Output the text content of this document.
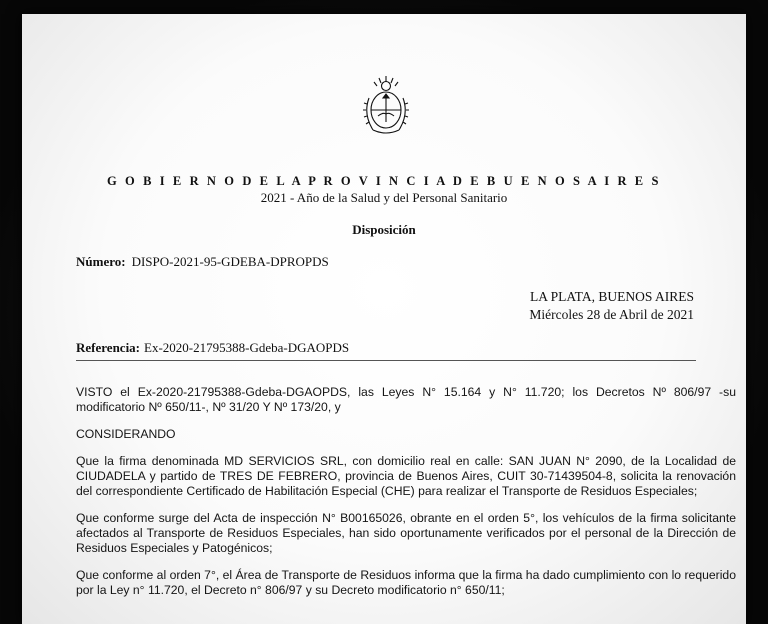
G O B I E R N O D E L A P R O V I N C I A D E B U E N O S A I R E S
2021 - Año de la Salud y del Personal Sanitario
Disposición
Número: DISPO-2021-95-GDEBA-DPROPDS
LA PLATA, BUENOS AIRES
Miércoles 28 de Abril de 2021
Referencia: Ex-2020-21795388-Gdeba-DGAOPDS

VISTO el Ex-2020-21795388-Gdeba-DGAOPDS, las Leyes N° 15.164 y N° 11.720; los Decretos Nº 806/97 -su modificatorio Nº 650/11-, Nº 31/20 Y Nº 173/20, y

CONSIDERANDO

Que la firma denominada MD SERVICIOS SRL, con domicilio real en calle: SAN JUAN N° 2090, de la Localidad de CIUDADELA y partido de TRES DE FEBRERO, provincia de Buenos Aires, CUIT 30-71439504-8, solicita la renovación del correspondiente Certificado de Habilitación Especial (CHE) para realizar el Transporte de Residuos Especiales;

Que conforme surge del Acta de inspección N° B00165026, obrante en el orden 5°, los vehículos de la firma solicitante afectados al Transporte de Residuos Especiales, han sido oportunamente verificados por el personal de la Dirección de Residuos Especiales y Patogénicos;

Que conforme al orden 7°, el Área de Transporte de Residuos informa que la firma ha dado cumplimiento con lo requerido por la Ley n° 11.720, el Decreto n° 806/97 y su Decreto modificatorio n° 650/11;
